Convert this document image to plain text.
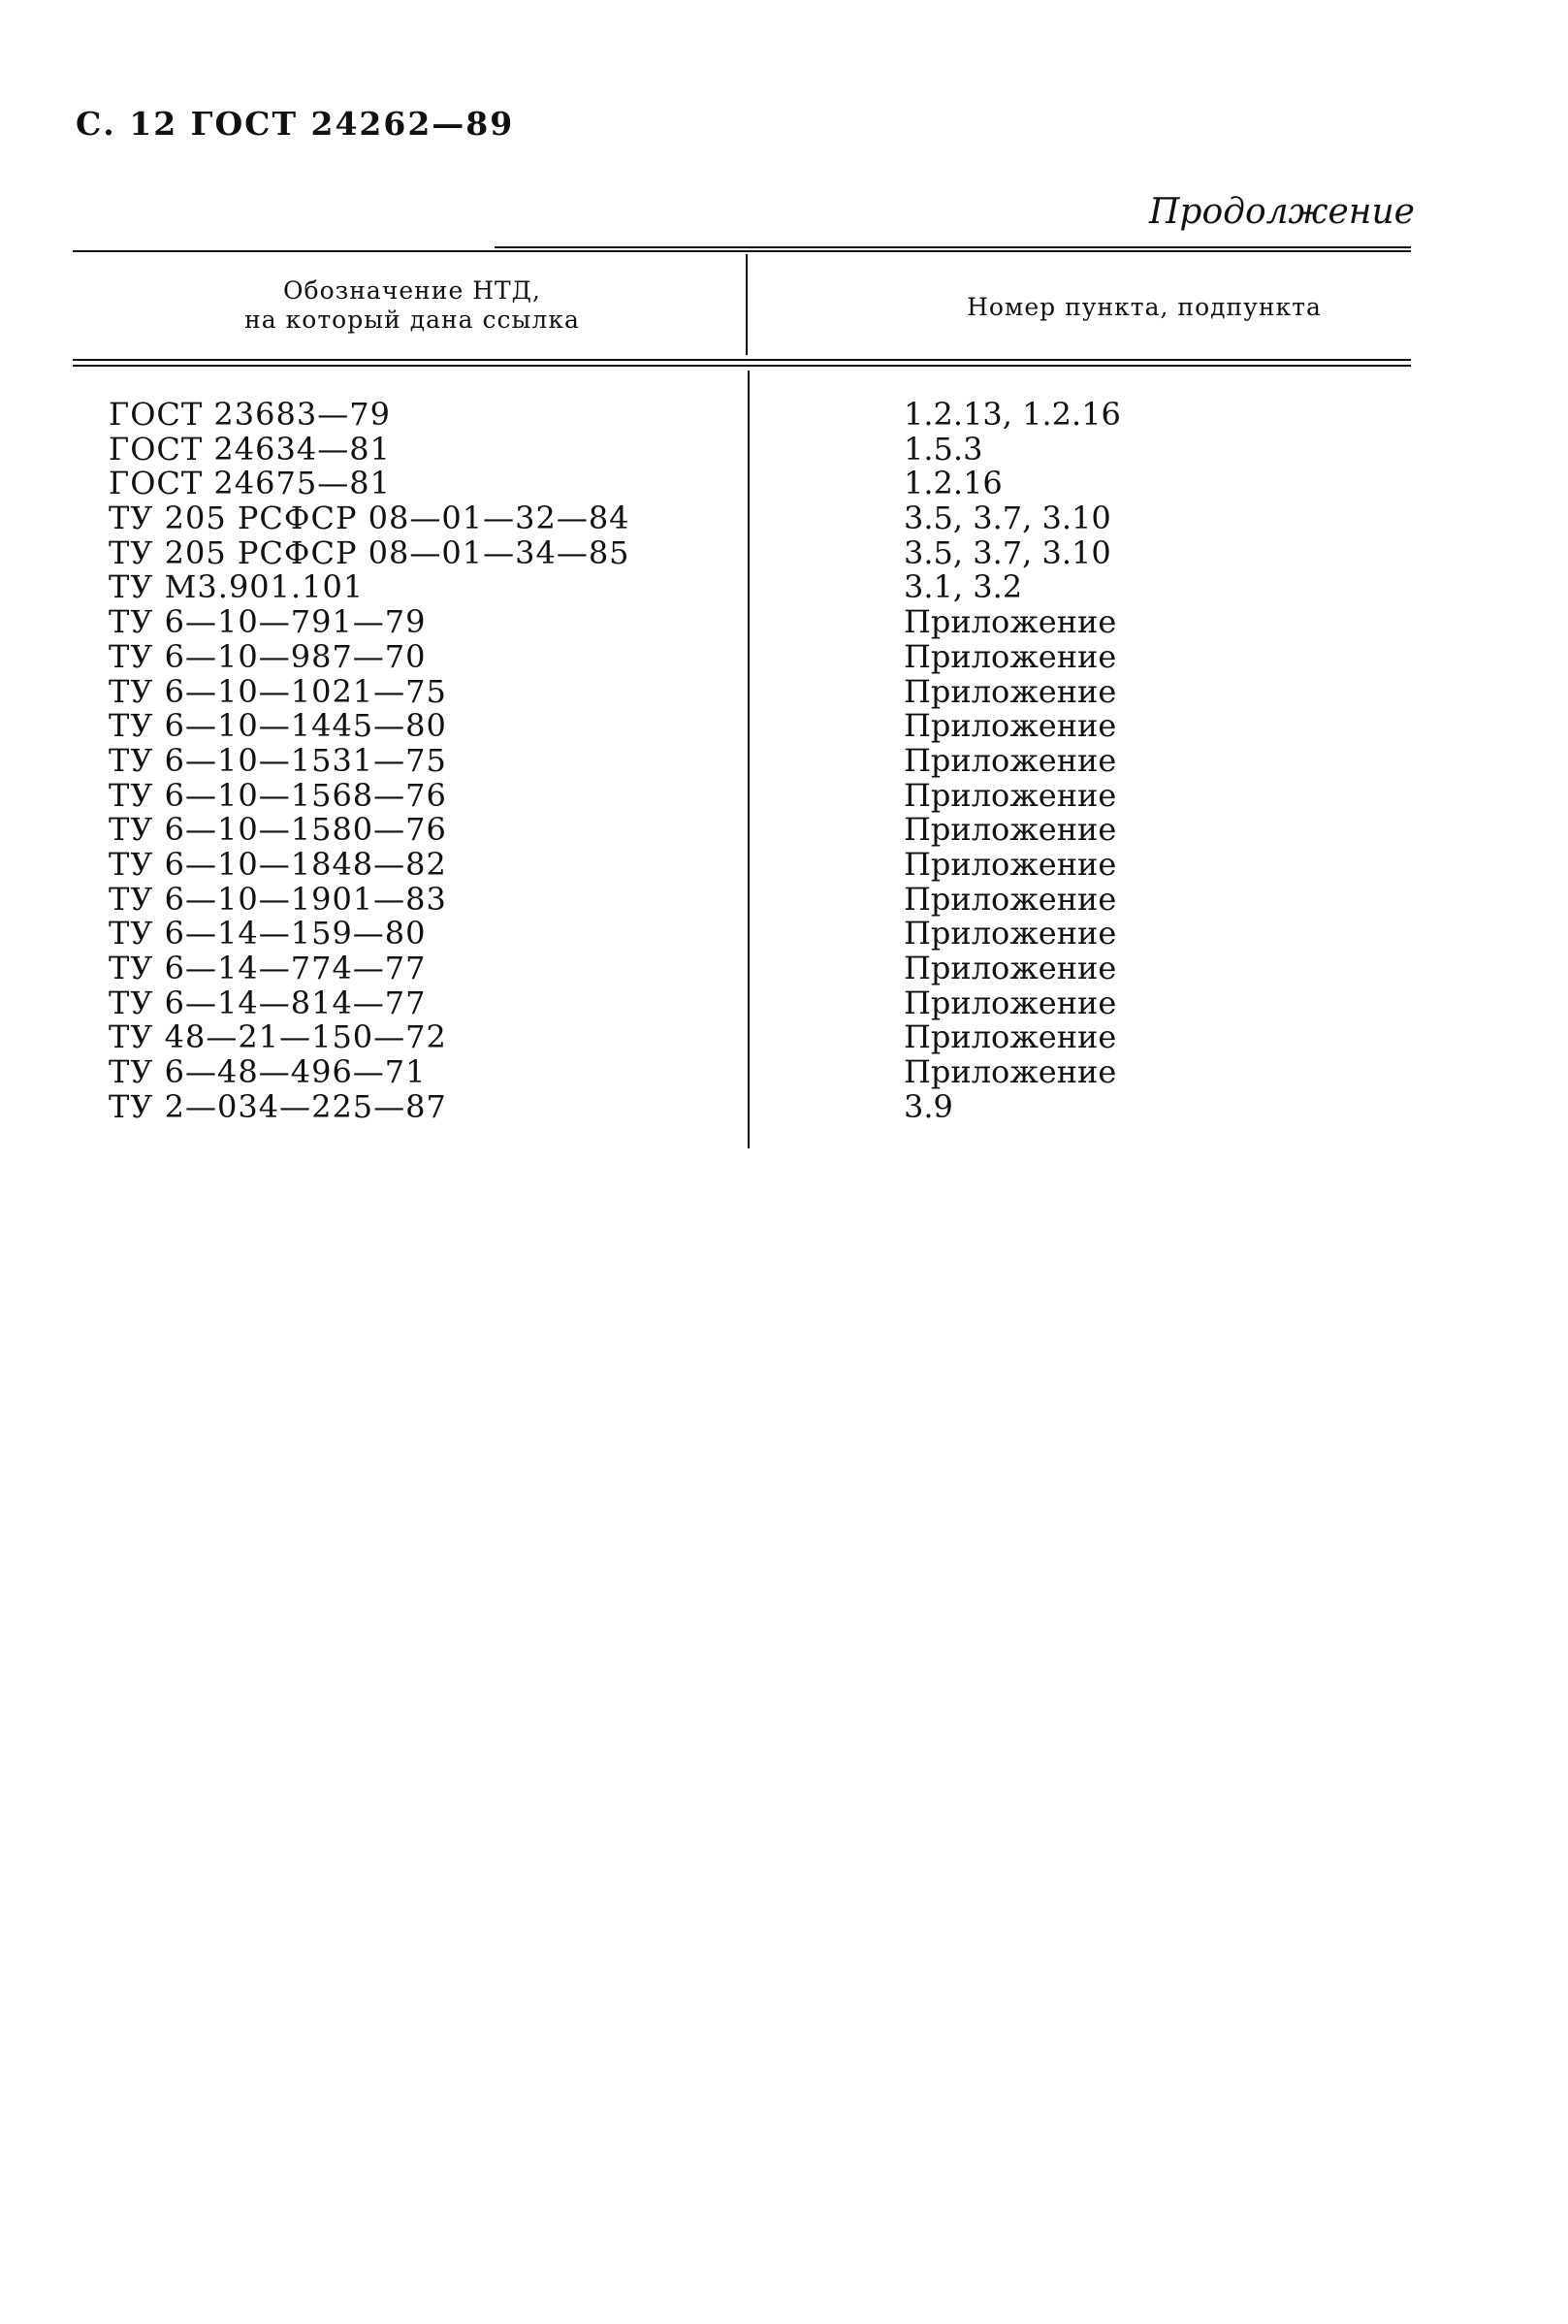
С. 12 ГОСТ 24262—89
Продолжение
Обозначение НТД,
на который дана ссылка	Номер пункта, подпункта
ГОСТ 23683—79	1.2.13, 1.2.16
ГОСТ 24634—81	1.5.3
ГОСТ 24675—81	1.2.16
ТУ 205 РСФСР 08—01—32—84	3.5, 3.7, 3.10
ТУ 205 РСФСР 08—01—34—85	3.5, 3.7, 3.10
ТУ М3.901.101	3.1, 3.2
ТУ 6—10—791—79	Приложение
ТУ 6—10—987—70	Приложение
ТУ 6—10—1021—75	Приложение
ТУ 6—10—1445—80	Приложение
ТУ 6—10—1531—75	Приложение
ТУ 6—10—1568—76	Приложение
ТУ 6—10—1580—76	Приложение
ТУ 6—10—1848—82	Приложение
ТУ 6—10—1901—83	Приложение
ТУ 6—14—159—80	Приложение
ТУ 6—14—774—77	Приложение
ТУ 6—14—814—77	Приложение
ТУ 48—21—150—72	Приложение
ТУ 6—48—496—71	Приложение
ТУ 2—034—225—87	3.9
